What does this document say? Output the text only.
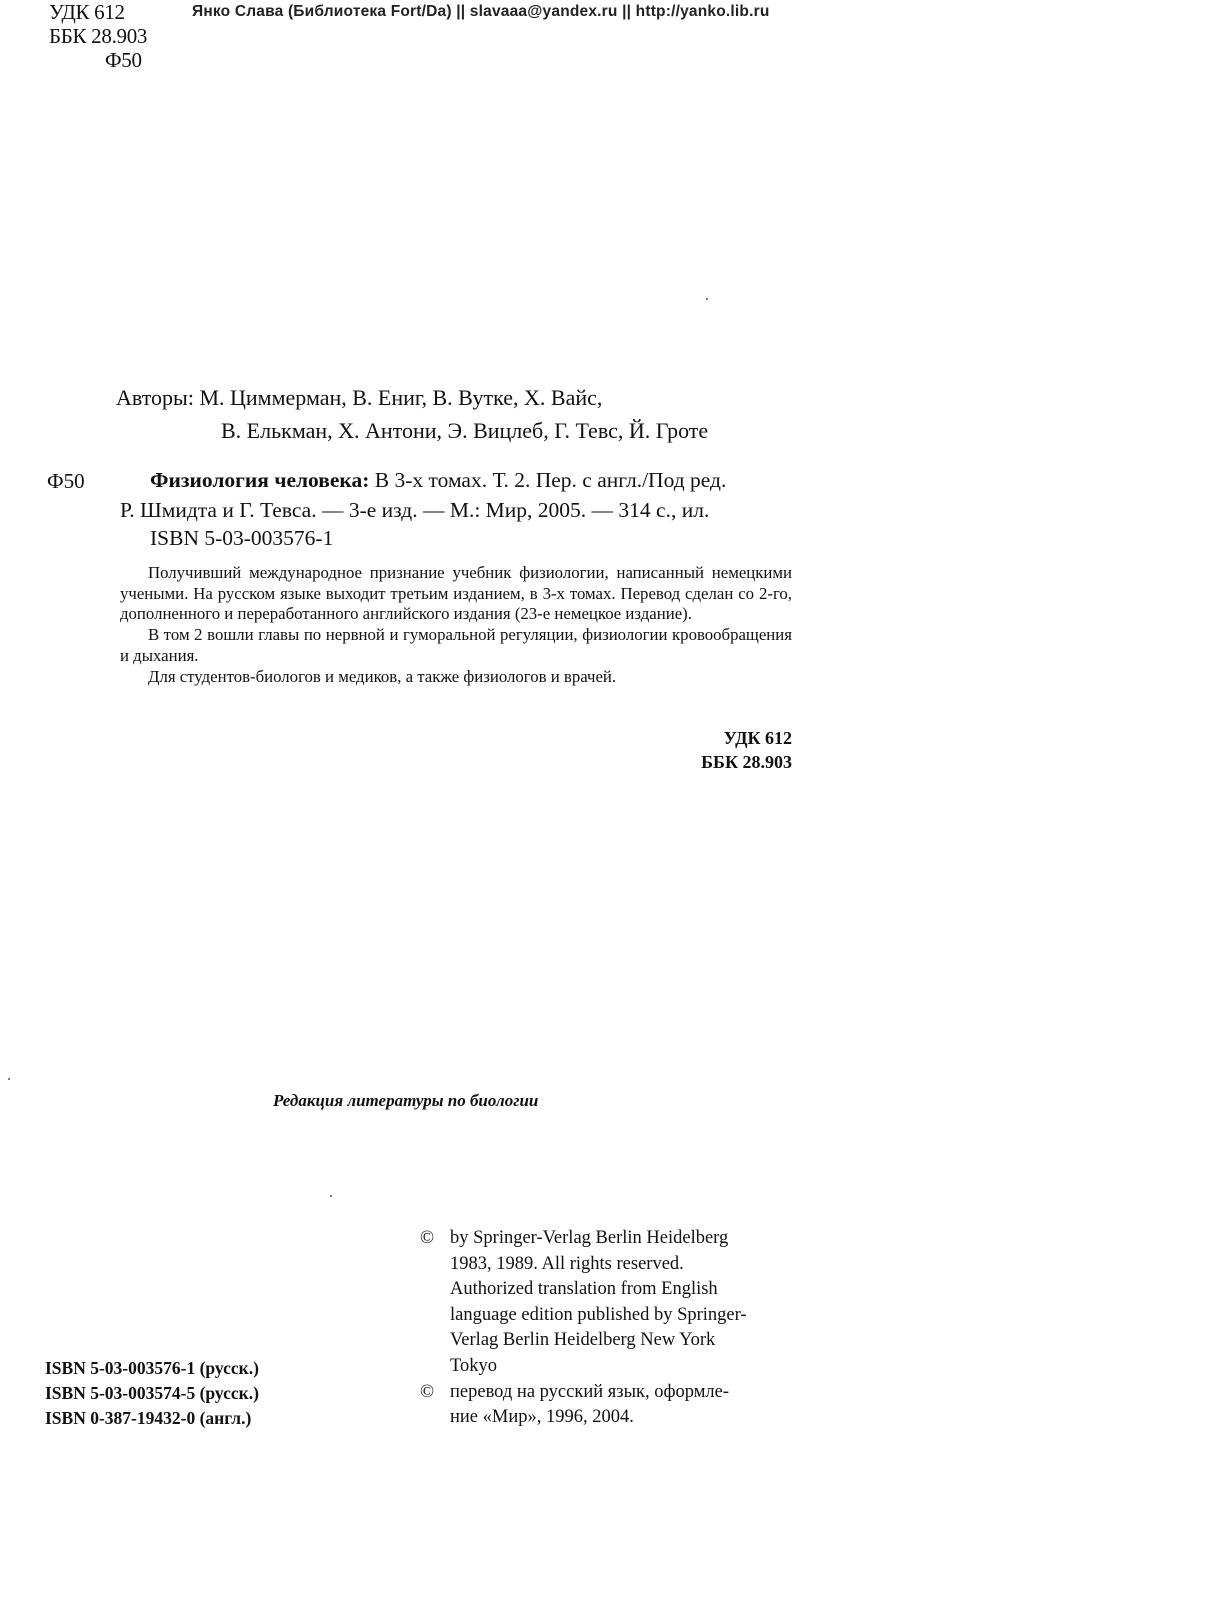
УДК 612
ББК 28.903
Ф50
Янко Слава (Библиотека Fort/Da) || slavaaa@yandex.ru || http://yanko.lib.ru
Авторы: М. Циммерман, В. Ениг, В. Вутке, Х. Вайс,
В. Елькман, Х. Антони, Э. Вицлеб, Г. Тевс, Й. Гроте
Ф50	Физиология человека: В 3-х томах. Т. 2. Пер. с англ./Под ред.
Р. Шмидта и Г. Тевса. — 3-е изд. — М.: Мир, 2005. — 314 с., ил.
ISBN 5-03-003576-1

Получивший международное признание учебник физиологии, написанный немецкими учеными. На русском языке выходит третьим изданием, в 3-х томах. Перевод сделан со 2-го, дополненного и переработанного английского издания (23-е немецкое издание).

В том 2 вошли главы по нервной и гуморальной регуляции, физиологии кровообращения и дыхания.

Для студентов-биологов и медиков, а также физиологов и врачей.

УДК 612
ББК 28.903
Редакция литературы по биологии
© by Springer-Verlag Berlin Heidelberg
1983, 1989. All rights reserved.
Authorized translation from English
language edition published by Springer-
Verlag Berlin Heidelberg New York
Tokyo
© перевод на русский язык, оформле-
ние «Мир», 1996, 2004.
ISBN 5-03-003576-1 (русск.)
ISBN 5-03-003574-5 (русск.)
ISBN 0-387-19432-0 (англ.)
